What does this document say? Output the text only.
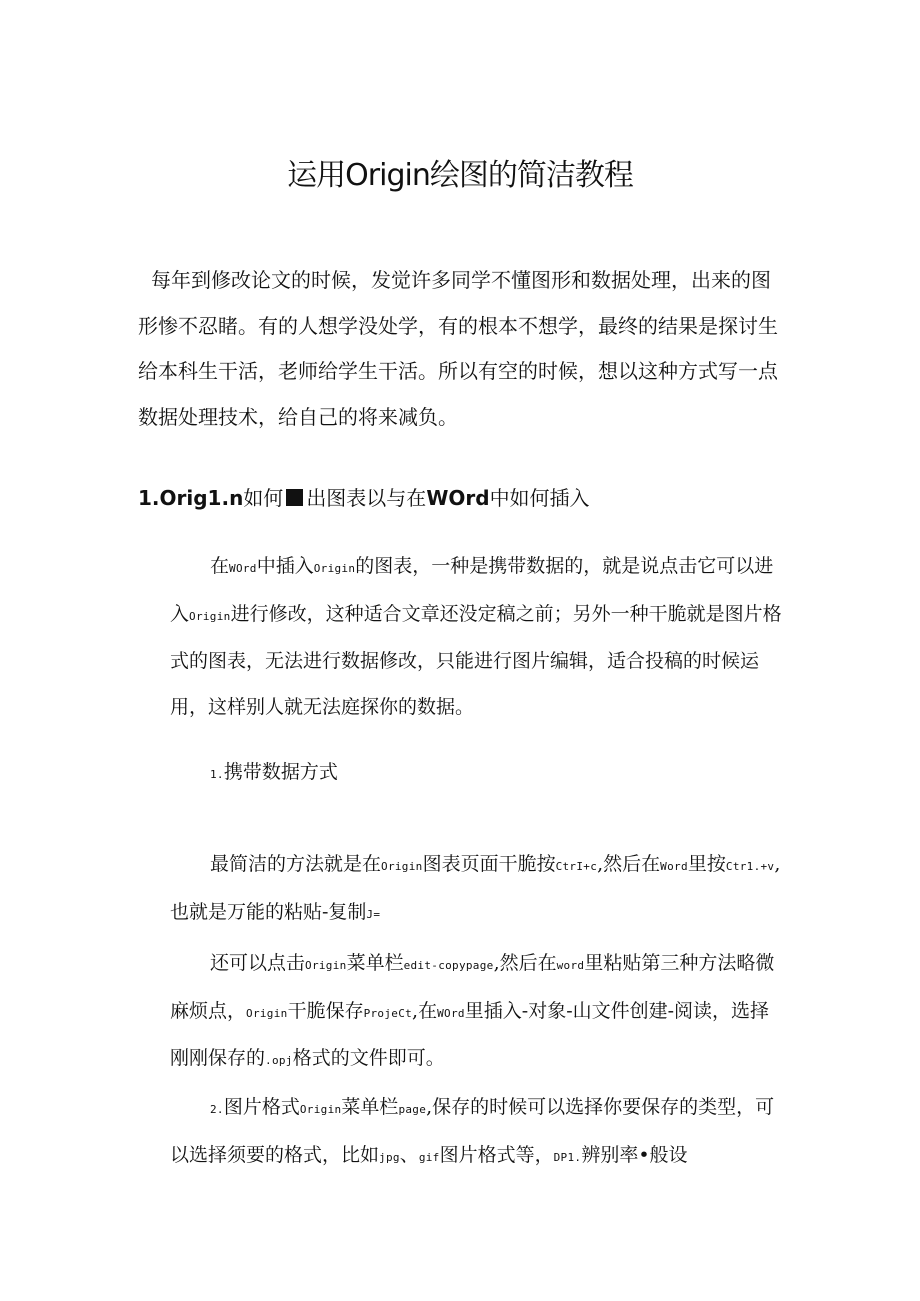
运用Origin绘图的简洁教程

每年到修改论文的时候，发觉许多同学不懂图形和数据处理，出来的图形惨不忍睹。有的人想学没处学，有的根本不想学，最终的结果是探讨生给本科生干活，老师给学生干活。所以有空的时候，想以这种方式写一点数据处理技术，给自己的将来减负。

1.Orig1.n如何 出图表以与在WOrd中如何插入

在WOrd中插入Origin的图表，一种是携带数据的，就是说点击它可以进入Origin进行修改，这种适合文章还没定稿之前；另外一种干脆就是图片格式的图表，无法进行数据修改，只能进行图片编辑，适合投稿的时候运用，这样别人就无法庭探你的数据。

1.携带数据方式

最简洁的方法就是在Origin图表页面干脆按CtrI+c,然后在Word里按Ctr1.+v,也就是万能的粘贴-复制J=

还可以点击Origin菜单栏edit-copypage,然后在word里粘贴第三种方法略微麻烦点，Origin干脆保存ProjeCt,在WOrd里插入-对象-山文件创建-阅读，选择刚刚保存的.opj格式的文件即可。

2.图片格式Origin菜单栏page,保存的时候可以选择你要保存的类型，可以选择须要的格式，比如jpg、gif图片格式等，DP1.辨别率•般设
